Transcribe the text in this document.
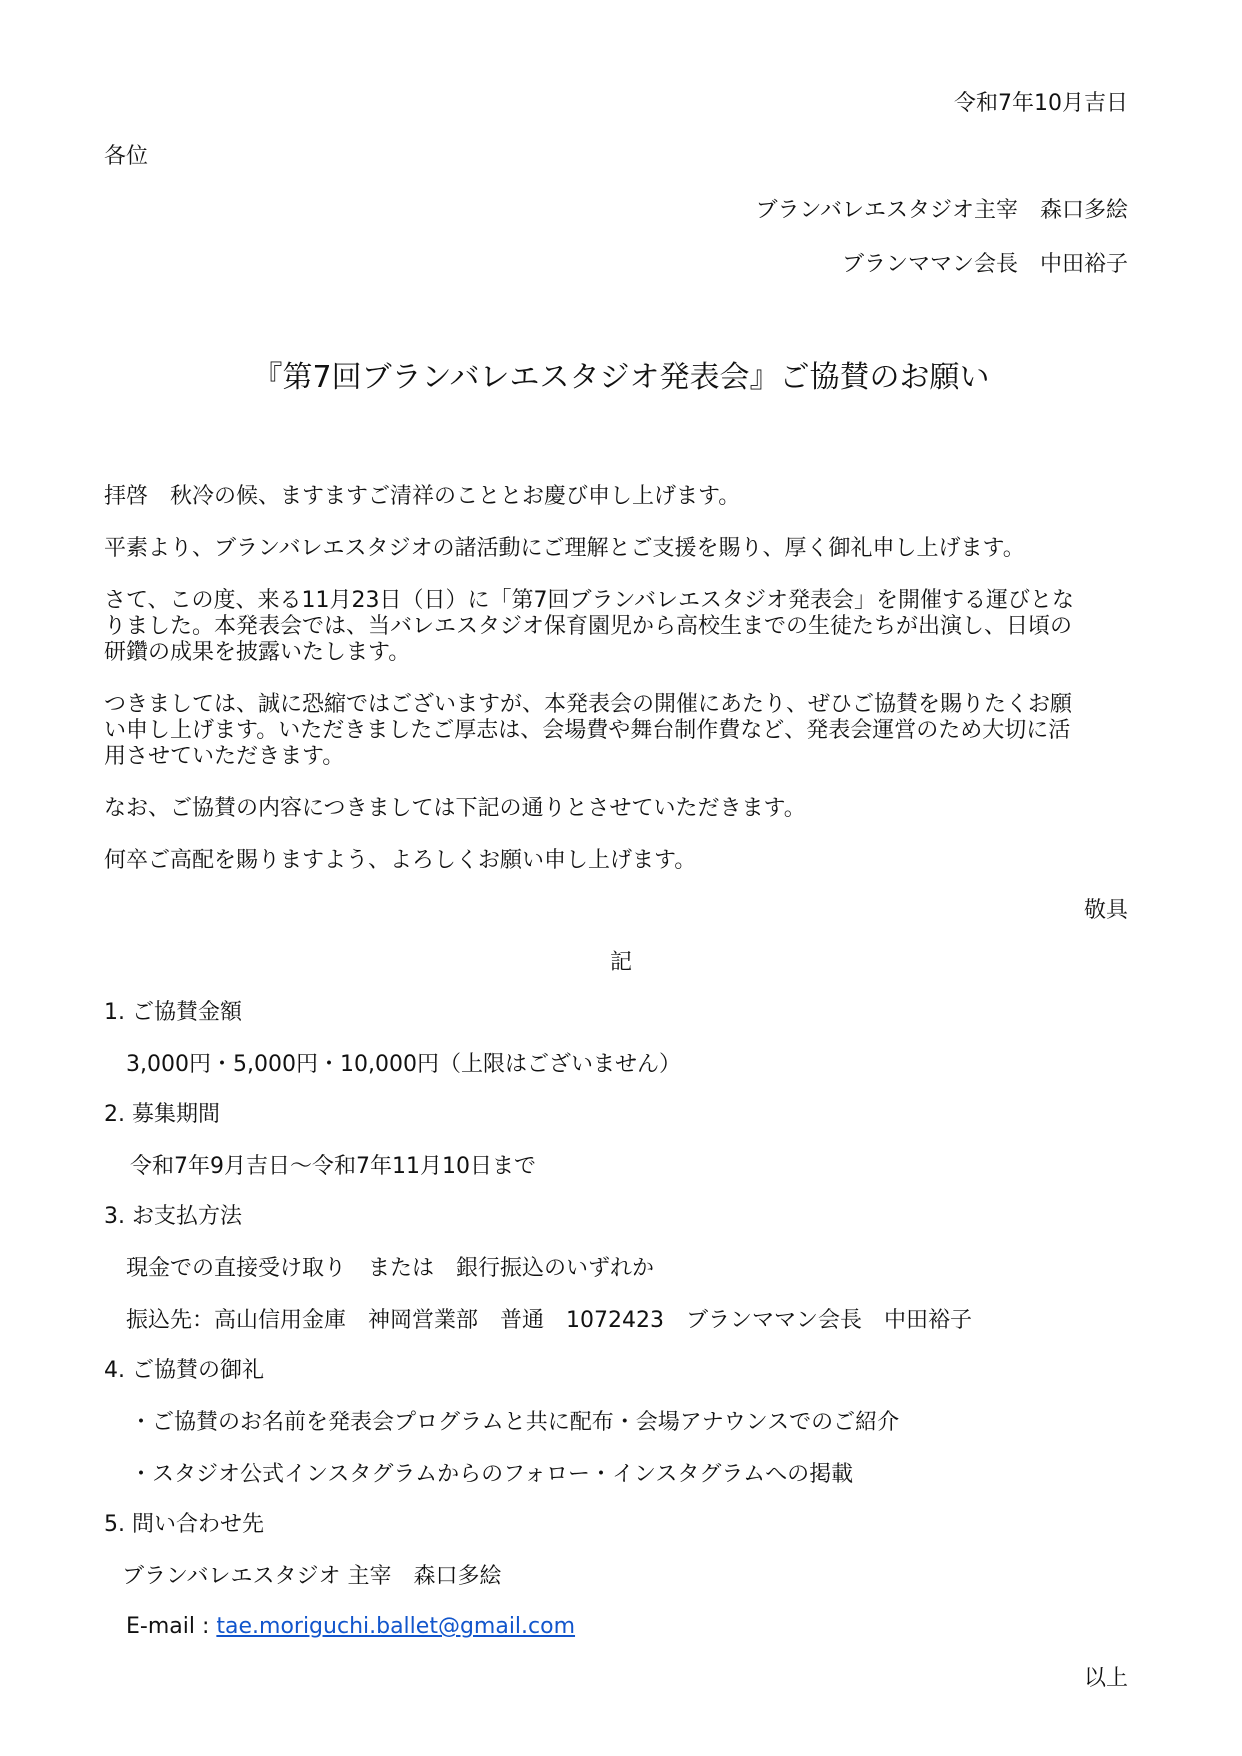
令和7年10月吉日
各位
ブランバレエスタジオ主宰　森口多絵
ブランママン会長　中田裕子
『第7回ブランバレエスタジオ発表会』ご協賛のお願い
拝啓　秋冷の候、ますますご清祥のこととお慶び申し上げます。
平素より、ブランバレエスタジオの諸活動にご理解とご支援を賜り、厚く御礼申し上げます。
さて、この度、来る11月23日（日）に「第7回ブランバレエスタジオ発表会」を開催する運びとな
りました。本発表会では、当バレエスタジオ保育園児から高校生までの生徒たちが出演し、日頃の
研鑽の成果を披露いたします。
つきましては、誠に恐縮ではございますが、本発表会の開催にあたり、ぜひご協賛を賜りたくお願
い申し上げます。いただきましたご厚志は、会場費や舞台制作費など、発表会運営のため大切に活
用させていただきます。
なお、ご協賛の内容につきましては下記の通りとさせていただきます。
何卒ご高配を賜りますよう、よろしくお願い申し上げます。
敬具
記
1. ご協賛金額
3,000円・5,000円・10,000円（上限はございません）
2. 募集期間
令和7年9月吉日〜令和7年11月10日まで
3. お支払方法
現金での直接受け取り　または　銀行振込のいずれか
振込先：高山信用金庫　神岡営業部　普通　1072423　ブランママン会長　中田裕子
4. ご協賛の御礼
・ご協賛のお名前を発表会プログラムと共に配布・会場アナウンスでのご紹介
・スタジオ公式インスタグラムからのフォロー・インスタグラムへの掲載
5. 問い合わせ先
ブランバレエスタジオ 主宰　森口多絵
E-mail : tae.moriguchi.ballet@gmail.com
以上
